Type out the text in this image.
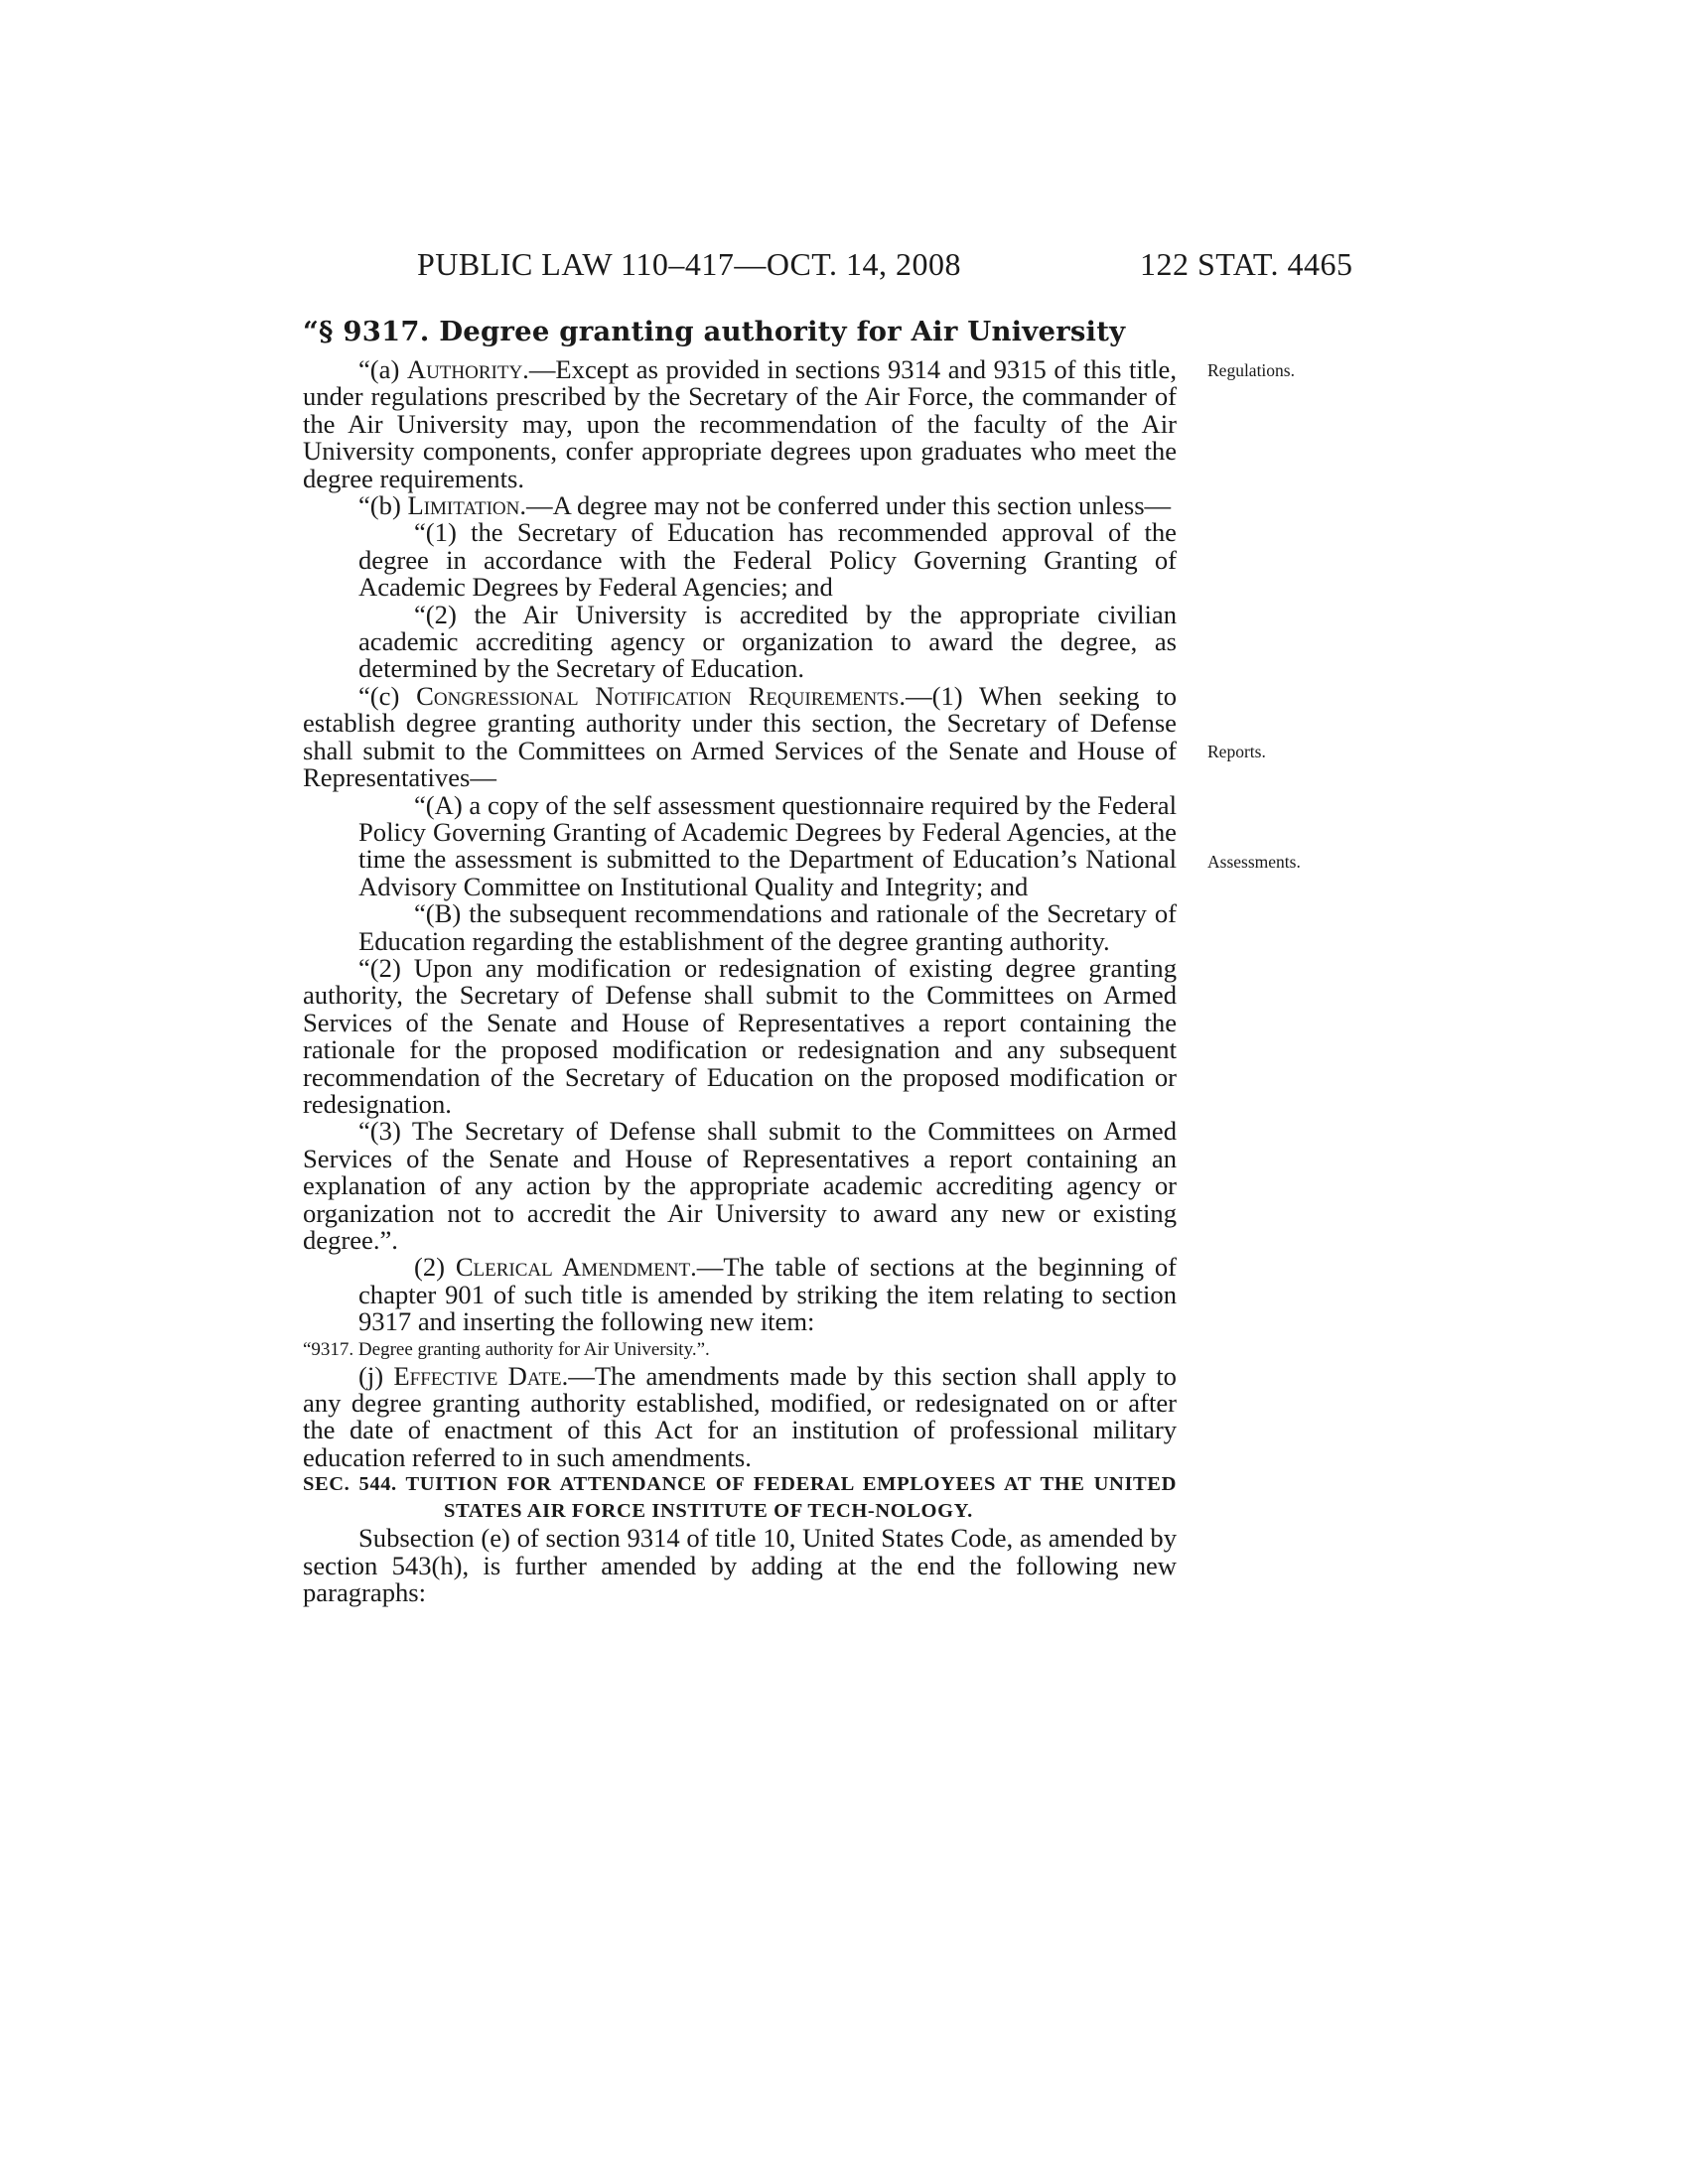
PUBLIC LAW 110–417—OCT. 14, 2008	122 STAT. 4465
“§ 9317. Degree granting authority for Air University
Regulations.
Reports.
Assessments.

“(a) Authority.—Except as provided in sections 9314 and 9315 of this title, under regulations prescribed by the Secretary of the Air Force, the commander of the Air University may, upon the recommendation of the faculty of the Air University components, confer appropriate degrees upon graduates who meet the degree requirements.

“(b) Limitation.—A degree may not be conferred under this section unless—

“(1) the Secretary of Education has recommended approval of the degree in accordance with the Federal Policy Governing Granting of Academic Degrees by Federal Agencies; and

“(2) the Air University is accredited by the appropriate civilian academic accrediting agency or organization to award the degree, as determined by the Secretary of Education.

“(c) Congressional Notification Requirements.—(1) When seeking to establish degree granting authority under this section, the Secretary of Defense shall submit to the Committees on Armed Services of the Senate and House of Representatives—

“(A) a copy of the self assessment questionnaire required by the Federal Policy Governing Granting of Academic Degrees by Federal Agencies, at the time the assessment is submitted to the Department of Education’s National Advisory Committee on Institutional Quality and Integrity; and

“(B) the subsequent recommendations and rationale of the Secretary of Education regarding the establishment of the degree granting authority.

“(2) Upon any modification or redesignation of existing degree granting authority, the Secretary of Defense shall submit to the Committees on Armed Services of the Senate and House of Representatives a report containing the rationale for the proposed modification or redesignation and any subsequent recommendation of the Secretary of Education on the proposed modification or redesignation.

“(3) The Secretary of Defense shall submit to the Committees on Armed Services of the Senate and House of Representatives a report containing an explanation of any action by the appropriate academic accrediting agency or organization not to accredit the Air University to award any new or existing degree.”.

(2) Clerical Amendment.—The table of sections at the beginning of chapter 901 of such title is amended by striking the item relating to section 9317 and inserting the following new item:

“9317. Degree granting authority for Air University.”.

(j) Effective Date.—The amendments made by this section shall apply to any degree granting authority established, modified, or redesignated on or after the date of enactment of this Act for an institution of professional military education referred to in such amendments.

SEC. 544. TUITION FOR ATTENDANCE OF FEDERAL EMPLOYEES AT THE UNITED STATES AIR FORCE INSTITUTE OF TECH-NOLOGY.

Subsection (e) of section 9314 of title 10, United States Code, as amended by section 543(h), is further amended by adding at the end the following new paragraphs:
